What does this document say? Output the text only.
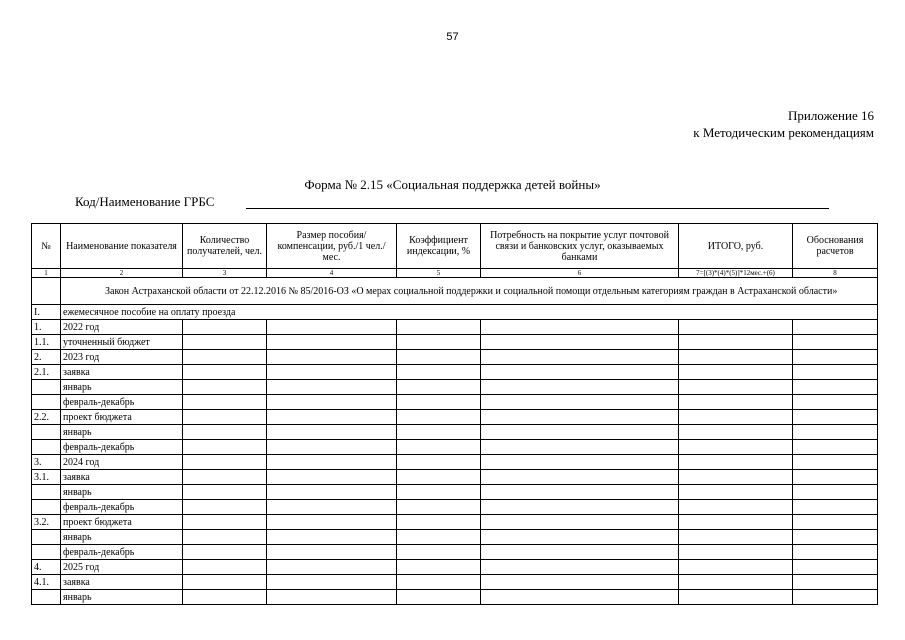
57
Приложение 16
к Методическим рекомендациям
Форма № 2.15 «Социальная поддержка детей войны»
Код/Наименование ГРБС
№	Наименование показателя	Количество получателей, чел.	Размер пособия/компенсации, руб./1 чел./мес.	Коэффициент индексации, %	Потребность на покрытие услуг почтовой связи и банковских услуг, оказываемых банками	ИТОГО, руб.	Обоснования расчетов
1	2	3	4	5	6	7=[(3)*(4)*(5)]*12мес.+(6)	8
	Закон Астраханской области от 22.12.2016 № 85/2016-ОЗ «О мерах социальной поддержки и социальной помощи отдельным категориям граждан в Астраханской области»						
I.	ежемесячное пособие на оплату проезда						
1.	2022 год						
1.1.	уточненный бюджет						
2.	2023 год						
2.1.	заявка						
	январь						
	февраль-декабрь						
2.2.	проект бюджета						
	январь						
	февраль-декабрь						
3.	2024 год						
3.1.	заявка						
	январь						
	февраль-декабрь						
3.2.	проект бюджета						
	январь						
	февраль-декабрь						
4.	2025 год						
4.1.	заявка						
	январь						
